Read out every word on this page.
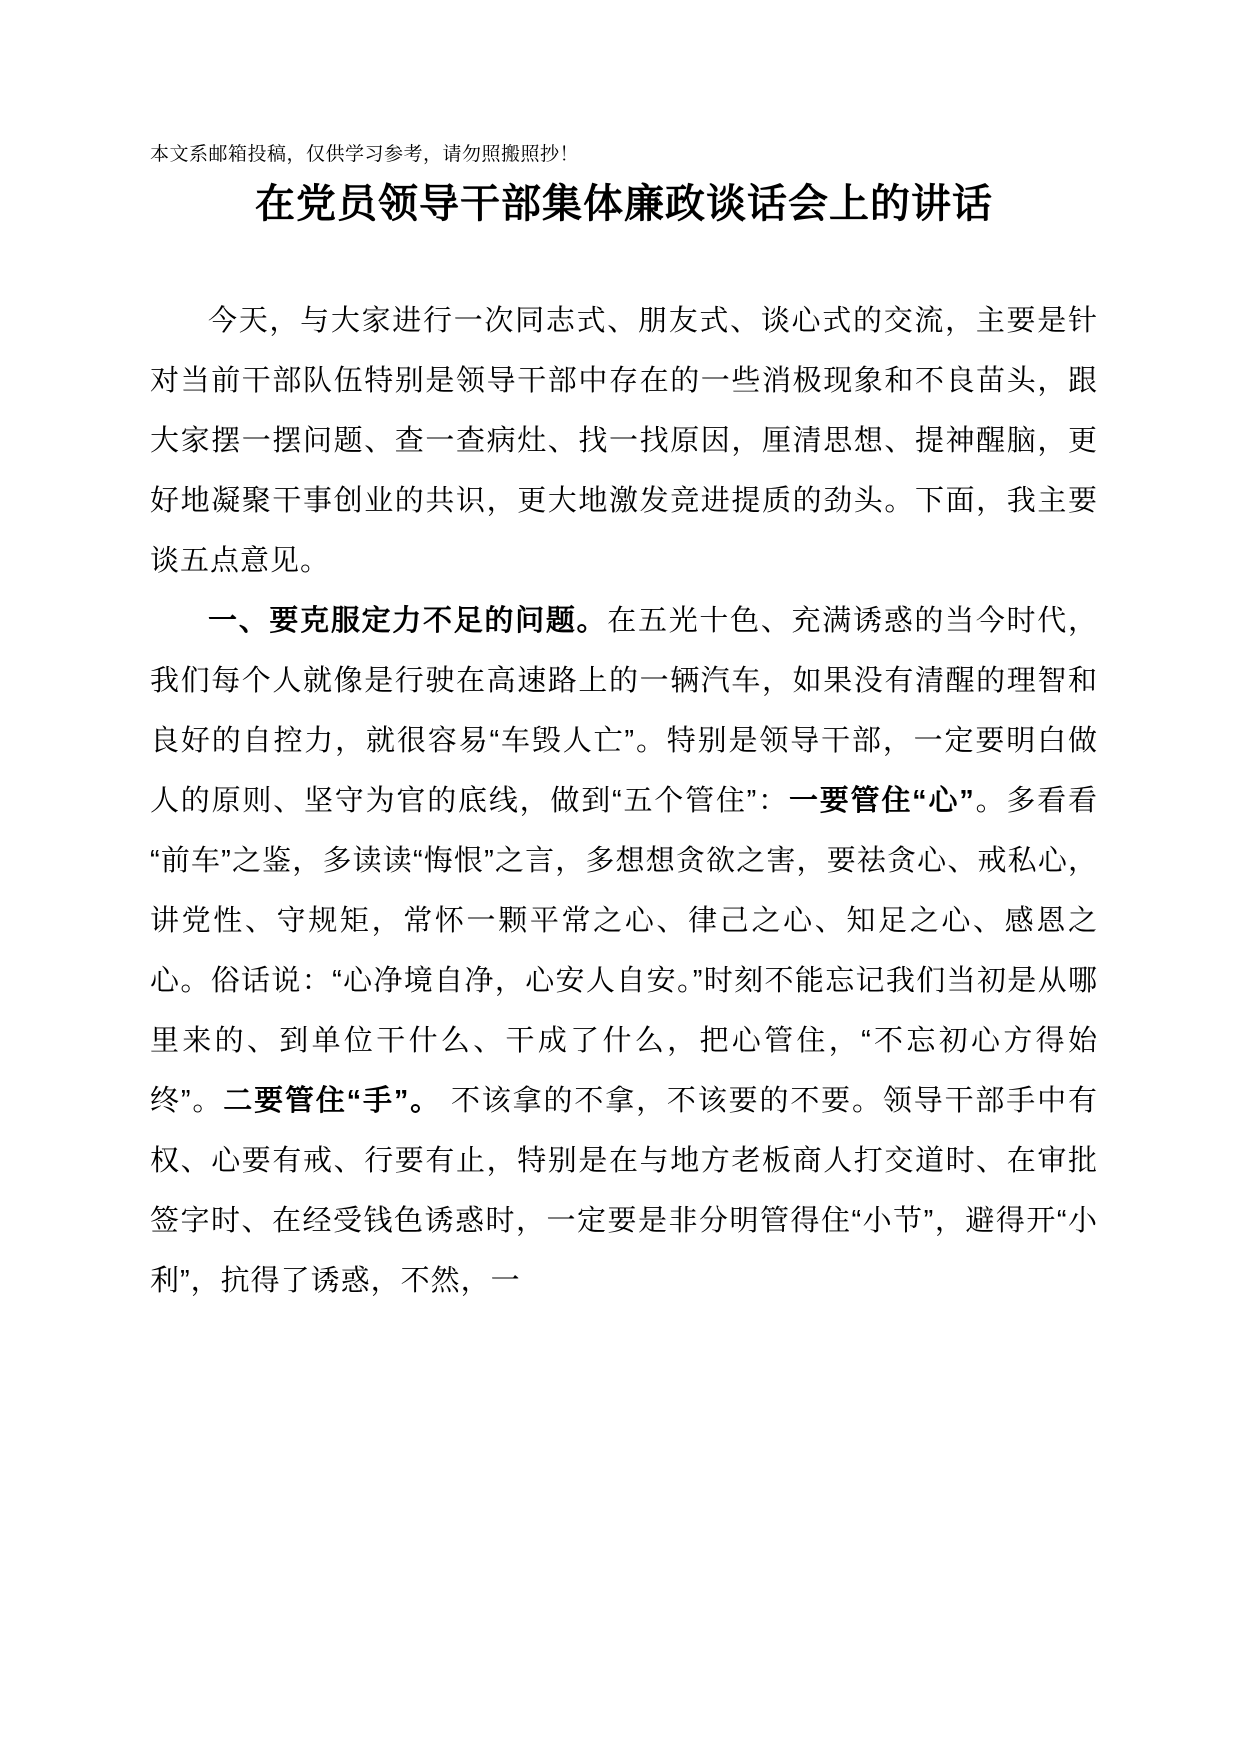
本文系邮箱投稿，仅供学习参考，请勿照搬照抄！

在党员领导干部集体廉政谈话会上的讲话

今天，与大家进行一次同志式、朋友式、谈心式的交流，主要是针对当前干部队伍特别是领导干部中存在的一些消极现象和不良苗头，跟大家摆一摆问题、查一查病灶、找一找原因，厘清思想、提神醒脑，更好地凝聚干事创业的共识，更大地激发竞进提质的劲头。下面，我主要谈五点意见。

一、要克服定力不足的问题。在五光十色、充满诱惑的当今时代，我们每个人就像是行驶在高速路上的一辆汽车，如果没有清醒的理智和良好的自控力，就很容易“车毁人亡”。特别是领导干部，一定要明白做人的原则、坚守为官的底线，做到“五个管住”：一要管住“心”。多看看“前车”之鉴，多读读“悔恨”之言，多想想贪欲之害，要祛贪心、戒私心，讲党性、守规矩，常怀一颗平常之心、律己之心、知足之心、感恩之心。俗话说：“心净境自净，心安人自安。”时刻不能忘记我们当初是从哪里来的、到单位干什么、干成了什么，把心管住，“不忘初心方得始终”。二要管住“手”。 不该拿的不拿，不该要的不要。领导干部手中有权、心要有戒、行要有止，特别是在与地方老板商人打交道时、在审批签字时、在经受钱色诱惑时，一定要是非分明管得住“小节”，避得开“小利”，抗得了诱惑，不然，一
